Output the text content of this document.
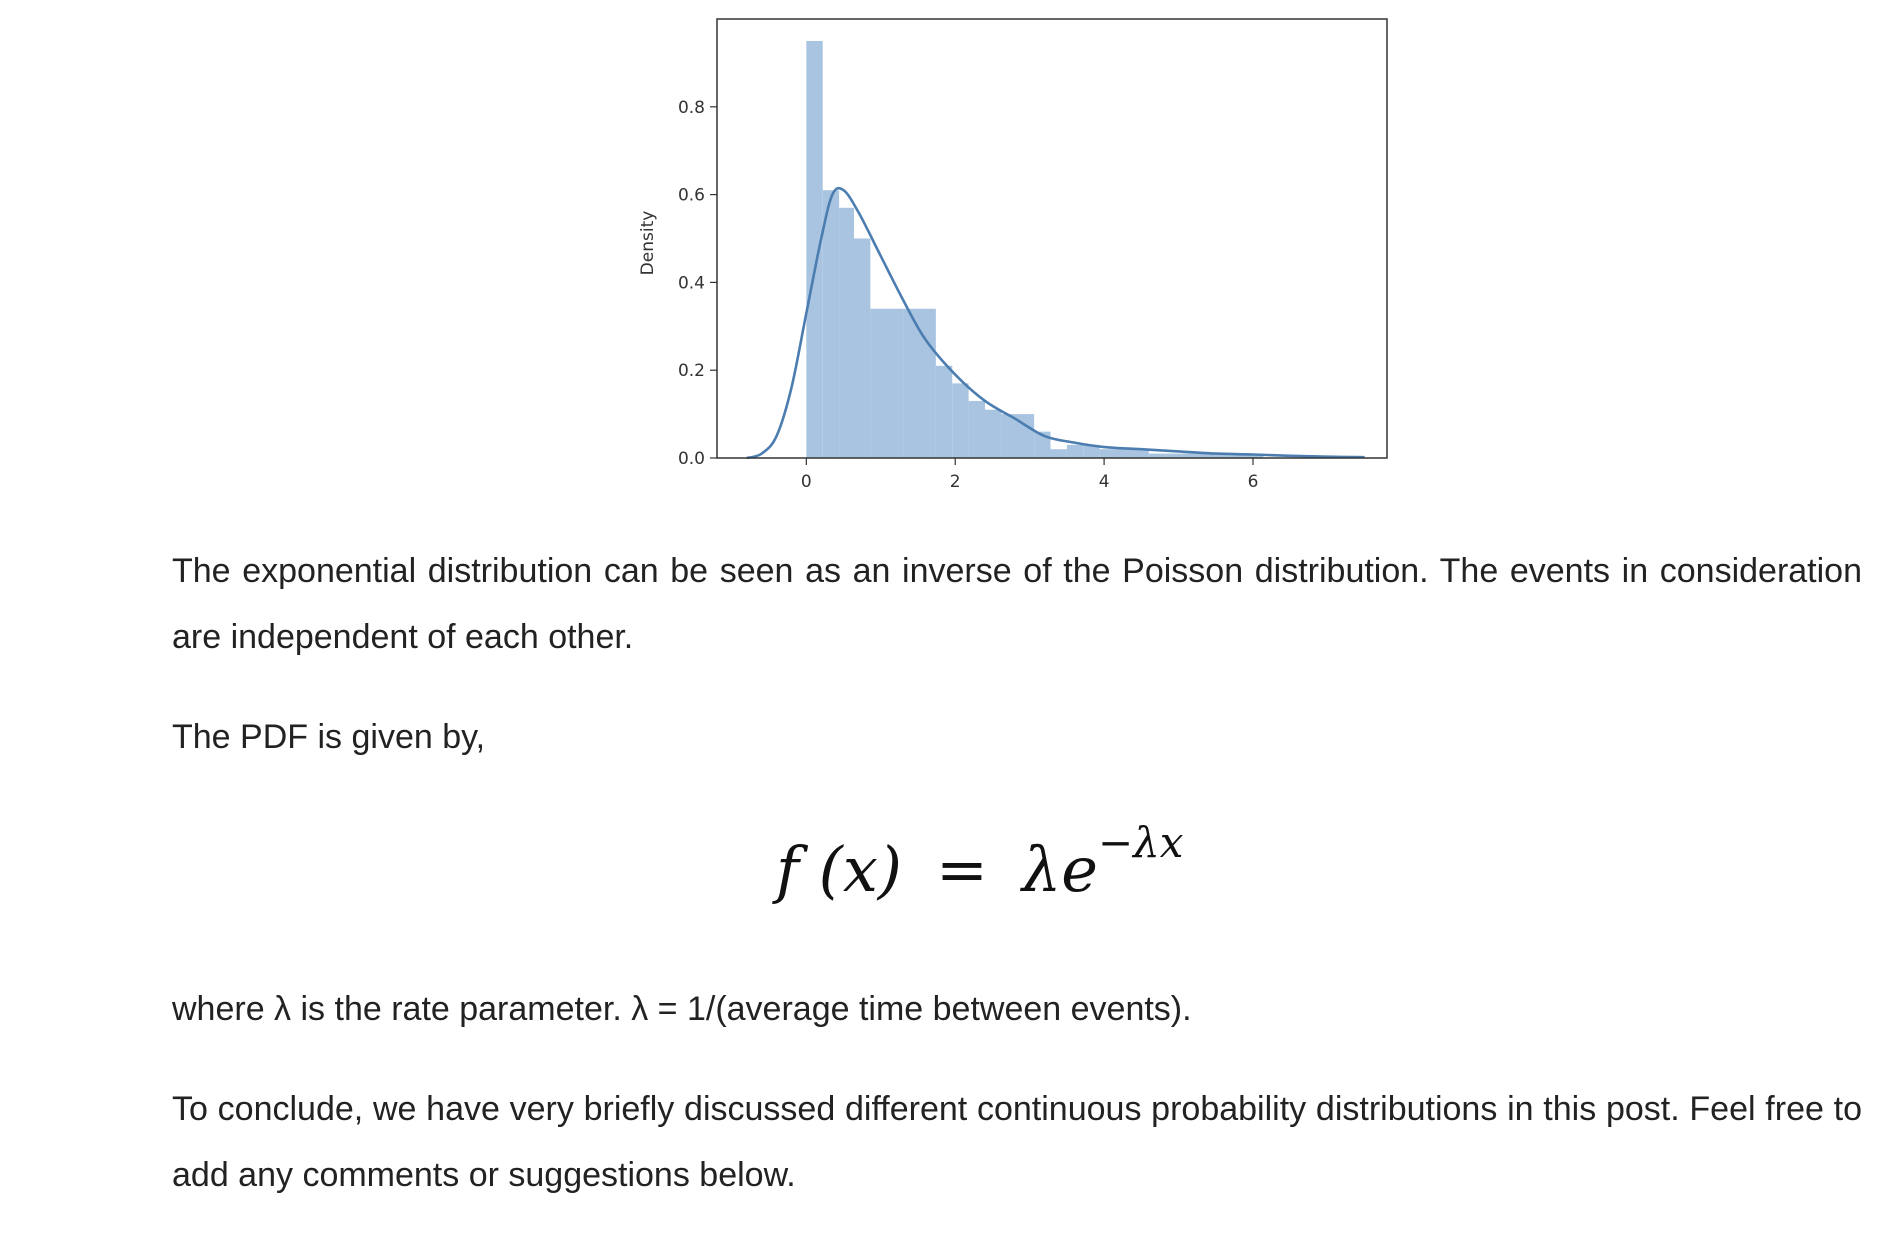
0.0
0.2
0.4
0.6
0.8
0	2	4	6
Density

The exponential distribution can be seen as an inverse of the Poisson distribution. The events in consideration are independent of each other.

The PDF is given by,

f $(x) = \lambda e^{-\lambda x}$

where λ is the rate parameter. λ = 1/(average time between events).

To conclude, we have very briefly discussed different continuous probability distributions in this post. Feel free to add any comments or suggestions below.
